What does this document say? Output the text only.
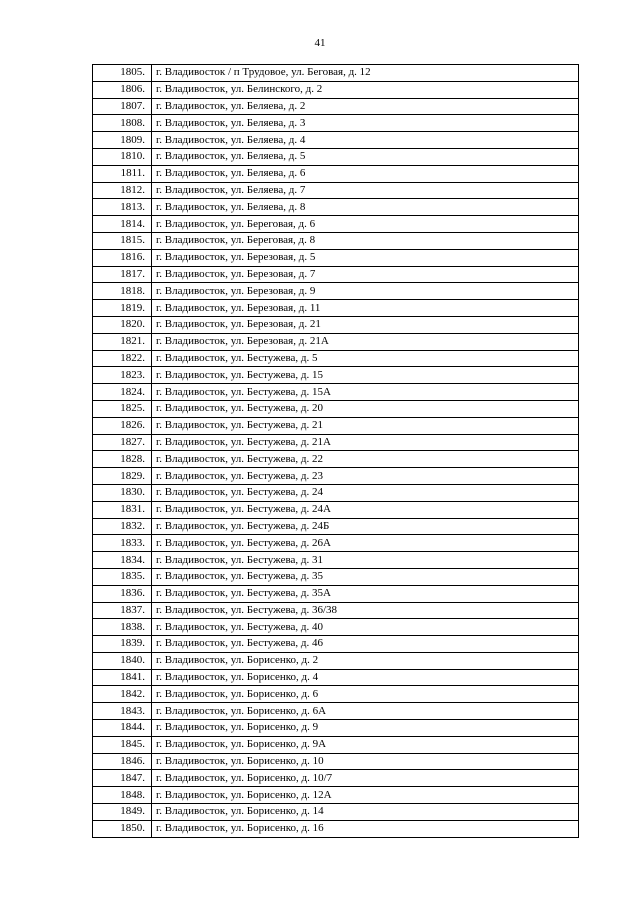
41
1805.	г. Владивосток / п Трудовое, ул. Беговая, д. 12
1806.	г. Владивосток, ул. Белинского, д. 2
1807.	г. Владивосток, ул. Беляева, д. 2
1808.	г. Владивосток, ул. Беляева, д. 3
1809.	г. Владивосток, ул. Беляева, д. 4
1810.	г. Владивосток, ул. Беляева, д. 5
1811.	г. Владивосток, ул. Беляева, д. 6
1812.	г. Владивосток, ул. Беляева, д. 7
1813.	г. Владивосток, ул. Беляева, д. 8
1814.	г. Владивосток, ул. Береговая, д. 6
1815.	г. Владивосток, ул. Береговая, д. 8
1816.	г. Владивосток, ул. Березовая, д. 5
1817.	г. Владивосток, ул. Березовая, д. 7
1818.	г. Владивосток, ул. Березовая, д. 9
1819.	г. Владивосток, ул. Березовая, д. 11
1820.	г. Владивосток, ул. Березовая, д. 21
1821.	г. Владивосток, ул. Березовая, д. 21А
1822.	г. Владивосток, ул. Бестужева, д. 5
1823.	г. Владивосток, ул. Бестужева, д. 15
1824.	г. Владивосток, ул. Бестужева, д. 15А
1825.	г. Владивосток, ул. Бестужева, д. 20
1826.	г. Владивосток, ул. Бестужева, д. 21
1827.	г. Владивосток, ул. Бестужева, д. 21А
1828.	г. Владивосток, ул. Бестужева, д. 22
1829.	г. Владивосток, ул. Бестужева, д. 23
1830.	г. Владивосток, ул. Бестужева, д. 24
1831.	г. Владивосток, ул. Бестужева, д. 24А
1832.	г. Владивосток, ул. Бестужева, д. 24Б
1833.	г. Владивосток, ул. Бестужева, д. 26А
1834.	г. Владивосток, ул. Бестужева, д. 31
1835.	г. Владивосток, ул. Бестужева, д. 35
1836.	г. Владивосток, ул. Бестужева, д. 35А
1837.	г. Владивосток, ул. Бестужева, д. 36/38
1838.	г. Владивосток, ул. Бестужева, д. 40
1839.	г. Владивосток, ул. Бестужева, д. 46
1840.	г. Владивосток, ул. Борисенко, д. 2
1841.	г. Владивосток, ул. Борисенко, д. 4
1842.	г. Владивосток, ул. Борисенко, д. 6
1843.	г. Владивосток, ул. Борисенко, д. 6А
1844.	г. Владивосток, ул. Борисенко, д. 9
1845.	г. Владивосток, ул. Борисенко, д. 9А
1846.	г. Владивосток, ул. Борисенко, д. 10
1847.	г. Владивосток, ул. Борисенко, д. 10/7
1848.	г. Владивосток, ул. Борисенко, д. 12А
1849.	г. Владивосток, ул. Борисенко, д. 14
1850.	г. Владивосток, ул. Борисенко, д. 16
